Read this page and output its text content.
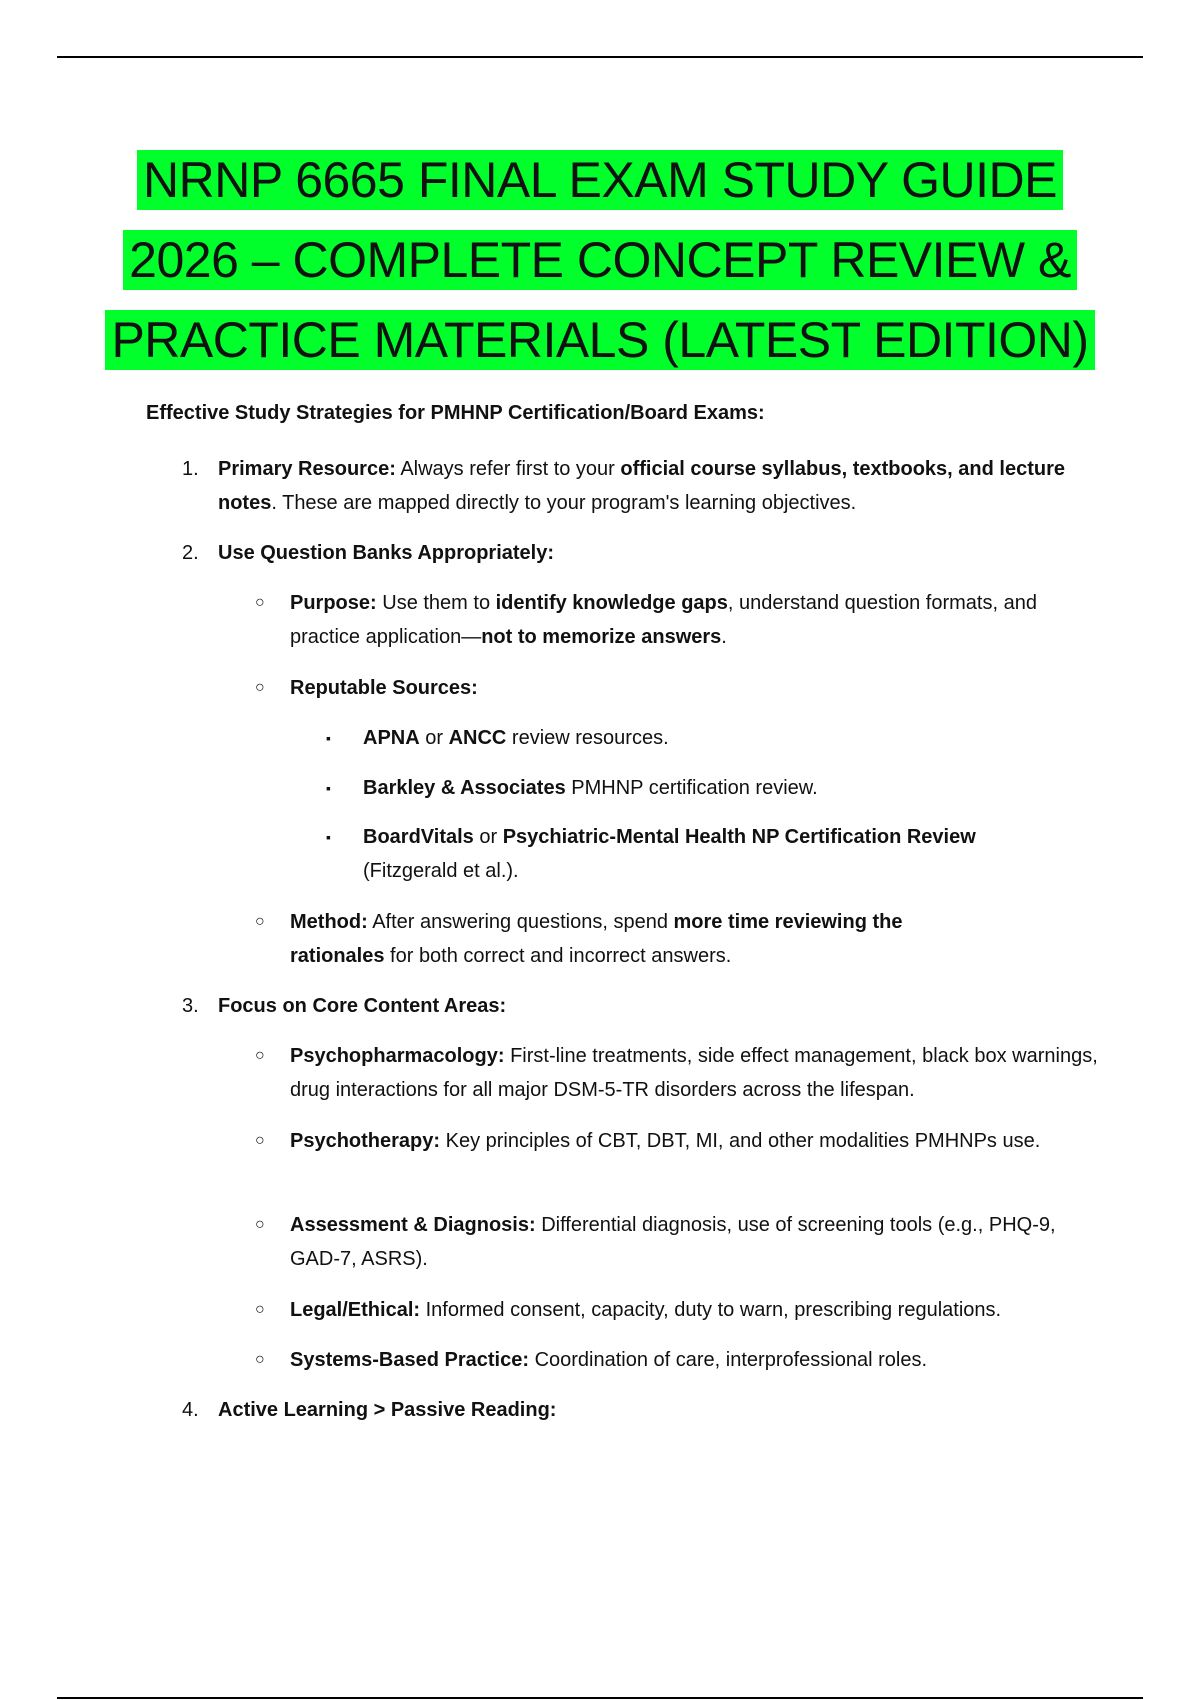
NRNP 6665 FINAL EXAM STUDY GUIDE
2026 – COMPLETE CONCEPT REVIEW &
PRACTICE MATERIALS (LATEST EDITION)
Effective Study Strategies for PMHNP Certification/Board Exams:
1. Primary Resource: Always refer first to your official course syllabus, textbooks, and lecture notes. These are mapped directly to your program's learning objectives.
2. Use Question Banks Appropriately:
○ Purpose: Use them to identify knowledge gaps, understand question formats, and practice application—not to memorize answers.
○ Reputable Sources:
▪ APNA or ANCC review resources.
▪ Barkley & Associates PMHNP certification review.
▪ BoardVitals or Psychiatric-Mental Health NP Certification Review (Fitzgerald et al.).
○ Method: After answering questions, spend more time reviewing the rationales for both correct and incorrect answers.
3. Focus on Core Content Areas:
○ Psychopharmacology: First-line treatments, side effect management, black box warnings, drug interactions for all major DSM-5-TR disorders across the lifespan.
○ Psychotherapy: Key principles of CBT, DBT, MI, and other modalities PMHNPs use.
○ Assessment & Diagnosis: Differential diagnosis, use of screening tools (e.g., PHQ-9, GAD-7, ASRS).
○ Legal/Ethical: Informed consent, capacity, duty to warn, prescribing regulations.
○ Systems-Based Practice: Coordination of care, interprofessional roles.
4. Active Learning > Passive Reading:
